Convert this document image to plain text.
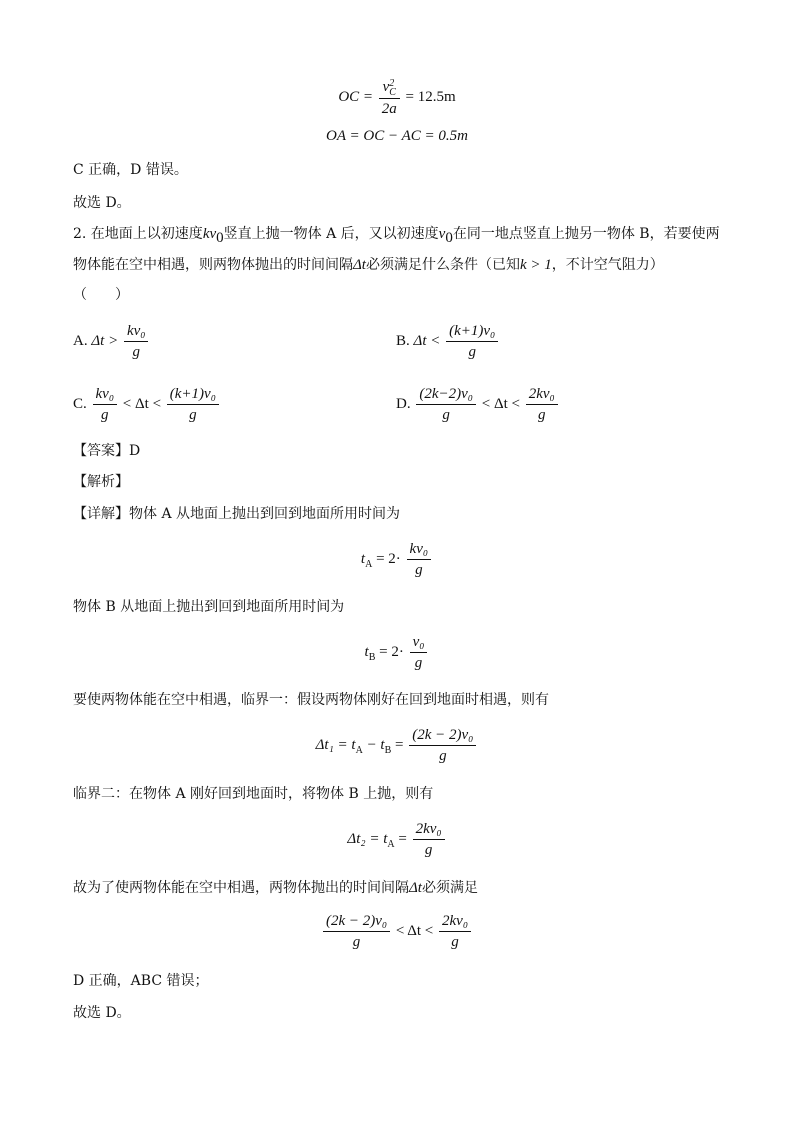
OC = v 2
C
2a = 12.5m
OA = OC − AC = 0.5m
C 正确，D 错误。
故选 D。
2. 在地面上以初速度$kv_0$竖直上抛一物体 A 后，又以初速度$v_0$在同一地点竖直上抛另一物体 B，若要使两
物体能在空中相遇，则两物体抛出的时间间隔Δt必须满足什么条件（已知k > 1，不计空气阻力）
（　　）
A. $\Delta t > \frac{\text{kv₀}}{g}$	B. $\Delta t < \frac{\text{(k+1)v₀}}{g}$
C. $\frac{\text{kv₀}}{g} < \Delta t < \frac{\text{(k+1)v₀}}{g}$	D. $\frac{\text{(2k−2)v₀}}{g} < \Delta t < \frac{\text{2kv₀}}{g}$
【答案】D
【解析】
【详解】物体 A 从地面上抛出到回到地面所用时间为
$t_A = 2\cdot \frac{\text{kv₀}}{g}$
物体 B 从地面上抛出到回到地面所用时间为
$t_B = 2\cdot \frac{\text{v₀}}{g}$
要使两物体能在空中相遇，临界一：假设两物体刚好在回到地面时相遇，则有
$\Delta t_1 = t_A - t_B = \frac{\text{(2k − 2)v₀}}{g}$
临界二：在物体 A 刚好回到地面时，将物体 B 上抛，则有
$\Delta t_2 = t_A = \frac{\text{2kv₀}}{g}$
故为了使两物体能在空中相遇，两物体抛出的时间间隔Δt必须满足
$\frac{\text{(2k − 2)v₀}}{g} < \Delta t < \frac{\text{2kv₀}}{g}$
D 正确，ABC 错误；
故选 D。
